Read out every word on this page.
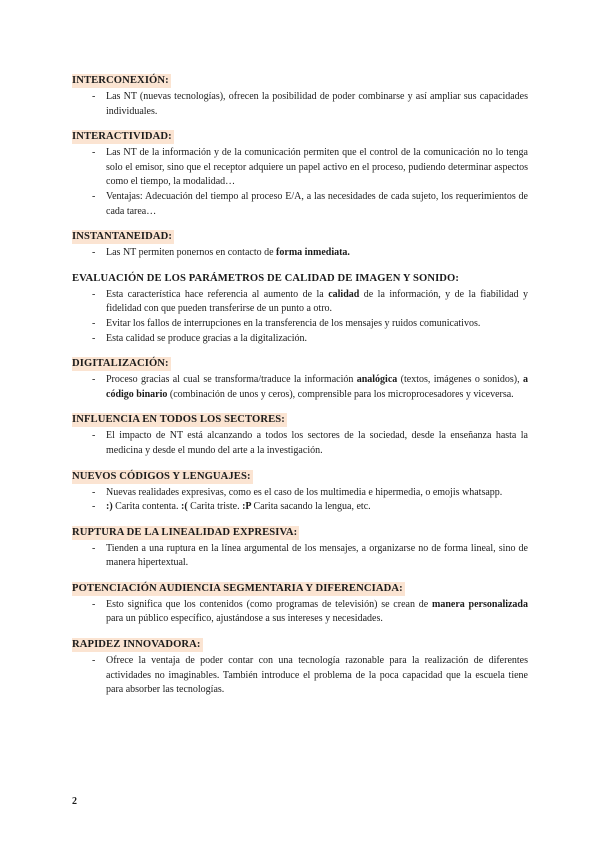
INTERCONEXIÓN:
- Las NT (nuevas tecnologías), ofrecen la posibilidad de poder combinarse y así ampliar sus capacidades individuales.
INTERACTIVIDAD:
- Las NT de la información y de la comunicación permiten que el control de la comunicación no lo tenga solo el emisor, sino que el receptor adquiere un papel activo en el proceso, pudiendo determinar aspectos como el tiempo, la modalidad…
- Ventajas: Adecuación del tiempo al proceso E/A, a las necesidades de cada sujeto, los requerimientos de cada tarea…
INSTANTANEIDAD:
- Las NT permiten ponernos en contacto de forma inmediata.
EVALUACIÓN DE LOS PARÁMETROS DE CALIDAD DE IMAGEN Y SONIDO:
- Esta característica hace referencia al aumento de la calidad de la información, y de la fiabilidad y fidelidad con que pueden transferirse de un punto a otro.
- Evitar los fallos de interrupciones en la transferencia de los mensajes y ruidos comunicativos.
- Esta calidad se produce gracias a la digitalización.
DIGITALIZACIÓN:
- Proceso gracias al cual se transforma/traduce la información analógica (textos, imágenes o sonidos), a código binario (combinación de unos y ceros), comprensible para los microprocesadores y viceversa.
INFLUENCIA EN TODOS LOS SECTORES:
- El impacto de NT está alcanzando a todos los sectores de la sociedad, desde la enseñanza hasta la medicina y desde el mundo del arte a la investigación.
NUEVOS CÓDIGOS Y LENGUAJES:
- Nuevas realidades expresivas, como es el caso de los multimedia e hipermedia, o emojis whatsapp.
- :) Carita contenta. :( Carita triste. :P Carita sacando la lengua, etc.
RUPTURA DE LA LINEALIDAD EXPRESIVA:
- Tienden a una ruptura en la línea argumental de los mensajes, a organizarse no de forma lineal, sino de manera hipertextual.
POTENCIACIÓN AUDIENCIA SEGMENTARIA Y DIFERENCIADA:
- Esto significa que los contenidos (como programas de televisión) se crean de manera personalizada para un público específico, ajustándose a sus intereses y necesidades.
RAPIDEZ INNOVADORA:
- Ofrece la ventaja de poder contar con una tecnología razonable para la realización de diferentes actividades no imaginables. También introduce el problema de la poca capacidad que la escuela tiene para absorber las tecnologías.
2
